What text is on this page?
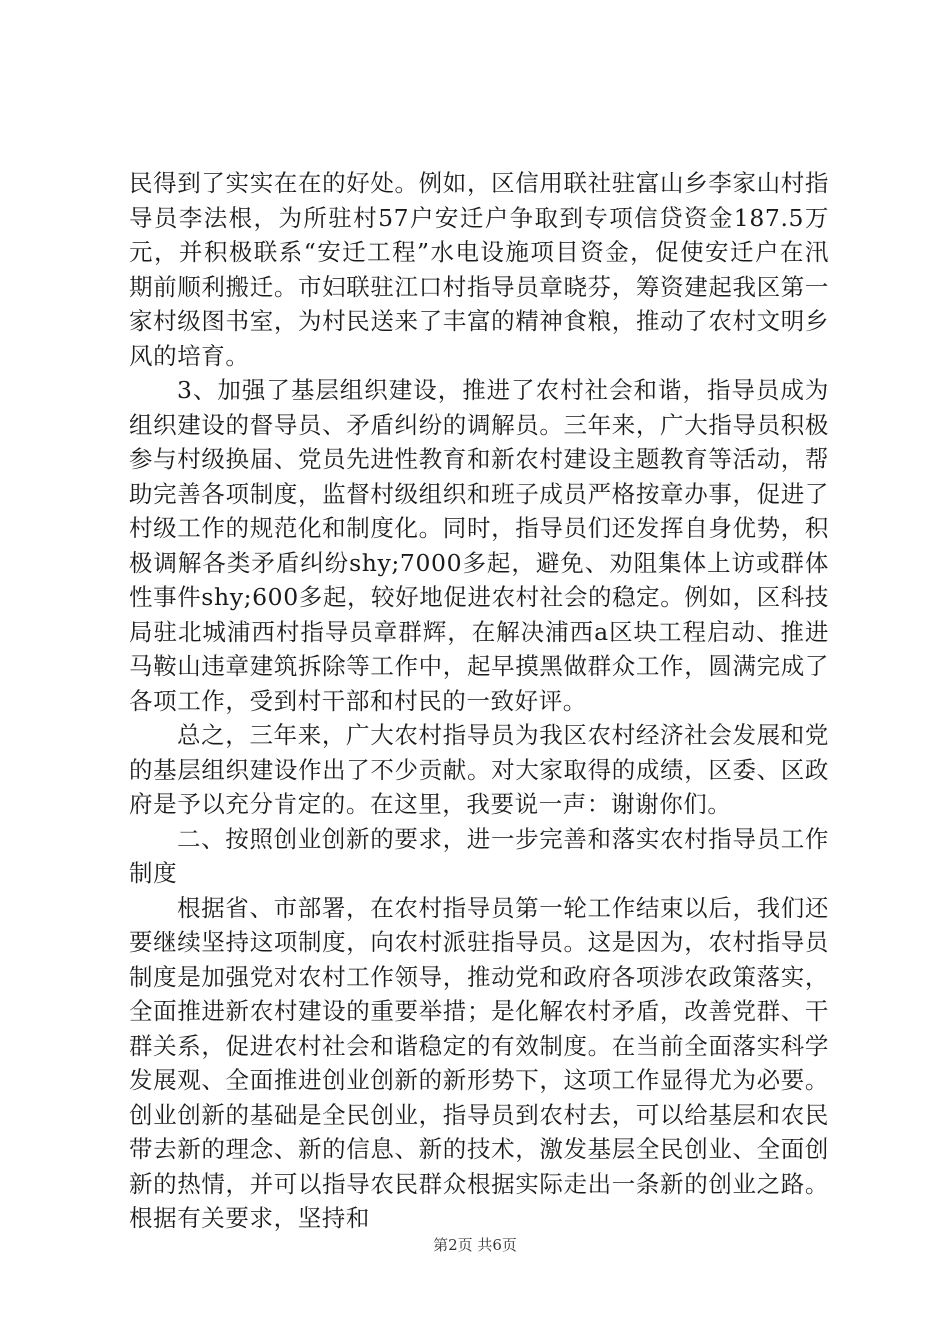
民得到了实实在在的好处。例如，区信用联社驻富山乡李家山村指导员李法根，为所驻村57户安迁户争取到专项信贷资金187.5万元，并积极联系“安迁工程”水电设施项目资金，促使安迁户在汛期前顺利搬迁。市妇联驻江口村指导员章晓芬，筹资建起我区第一家村级图书室，为村民送来了丰富的精神食粮，推动了农村文明乡风的培育。

3、加强了基层组织建设，推进了农村社会和谐，指导员成为组织建设的督导员、矛盾纠纷的调解员。三年来，广大指导员积极参与村级换届、党员先进性教育和新农村建设主题教育等活动，帮助完善各项制度，监督村级组织和班子成员严格按章办事，促进了村级工作的规范化和制度化。同时，指导员们还发挥自身优势，积极调解各类矛盾纠纷shy;7000多起，避免、劝阻集体上访或群体性事件shy;600多起，较好地促进农村社会的稳定。例如，区科技局驻北城浦西村指导员章群辉，在解决浦西a区块工程启动、推进马鞍山违章建筑拆除等工作中，起早摸黑做群众工作，圆满完成了各项工作，受到村干部和村民的一致好评。

总之，三年来，广大农村指导员为我区农村经济社会发展和党的基层组织建设作出了不少贡献。对大家取得的成绩，区委、区政府是予以充分肯定的。在这里，我要说一声：谢谢你们。

二、按照创业创新的要求，进一步完善和落实农村指导员工作制度

根据省、市部署，在农村指导员第一轮工作结束以后，我们还要继续坚持这项制度，向农村派驻指导员。这是因为，农村指导员制度是加强党对农村工作领导，推动党和政府各项涉农政策落实，全面推进新农村建设的重要举措；是化解农村矛盾，改善党群、干群关系，促进农村社会和谐稳定的有效制度。在当前全面落实科学发展观、全面推进创业创新的新形势下，这项工作显得尤为必要。创业创新的基础是全民创业，指导员到农村去，可以给基层和农民带去新的理念、新的信息、新的技术，激发基层全民创业、全面创新的热情，并可以指导农民群众根据实际走出一条新的创业之路。根据有关要求，坚持和

第2页 共6页
